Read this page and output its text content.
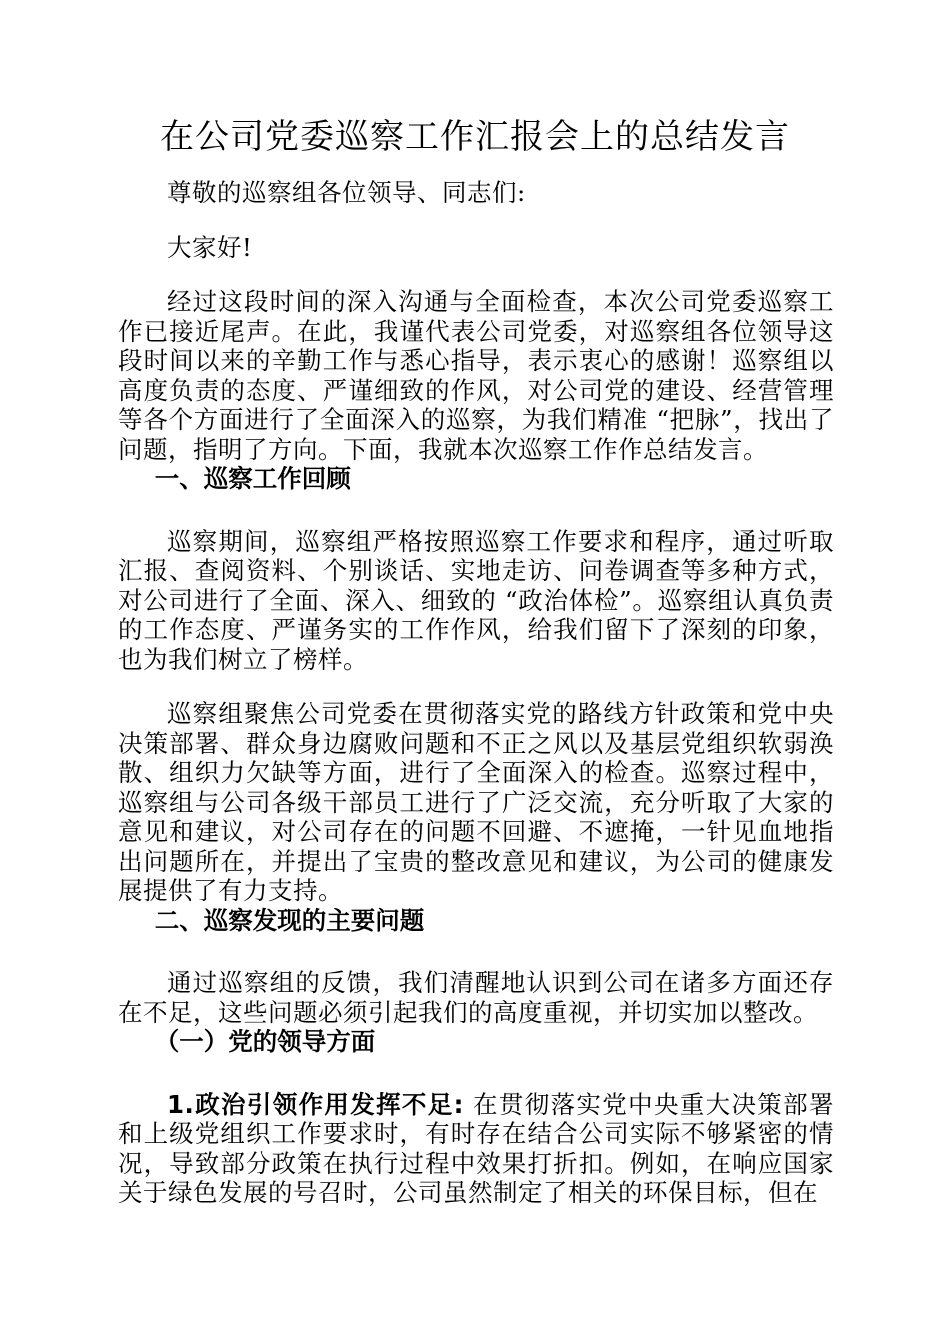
在公司党委巡察工作汇报会上的总结发言

尊敬的巡察组各位领导、同志们:

大家好!

经过这段时间的深入沟通与全面检查，本次公司党委巡察工作已接近尾声。在此，我谨代表公司党委，对巡察组各位领导这段时间以来的辛勤工作与悉心指导，表示衷心的感谢！巡察组以高度负责的态度、严谨细致的作风，对公司党的建设、经营管理等各个方面进行了全面深入的巡察，为我们精准 “把脉”，找出了问题，指明了方向。下面，我就本次巡察工作作总结发言。

一、巡察工作回顾

巡察期间，巡察组严格按照巡察工作要求和程序，通过听取汇报、查阅资料、个别谈话、实地走访、问卷调查等多种方式，对公司进行了全面、深入、细致的 “政治体检”。巡察组认真负责的工作态度、严谨务实的工作作风，给我们留下了深刻的印象，也为我们树立了榜样。

巡察组聚焦公司党委在贯彻落实党的路线方针政策和党中央决策部署、群众身边腐败问题和不正之风以及基层党组织软弱涣散、组织力欠缺等方面，进行了全面深入的检查。巡察过程中，巡察组与公司各级干部员工进行了广泛交流，充分听取了大家的意见和建议，对公司存在的问题不回避、不遮掩，一针见血地指出问题所在，并提出了宝贵的整改意见和建议，为公司的健康发展提供了有力支持。

二、巡察发现的主要问题

通过巡察组的反馈，我们清醒地认识到公司在诸多方面还存在不足，这些问题必须引起我们的高度重视，并切实加以整改。

（一）党的领导方面

1.政治引领作用发挥不足: 在贯彻落实党中央重大决策部署和上级党组织工作要求时，有时存在结合公司实际不够紧密的情况，导致部分政策在执行过程中效果打折扣。例如，在响应国家关于绿色发展的号召时，公司虽然制定了相关的环保目标，但在
